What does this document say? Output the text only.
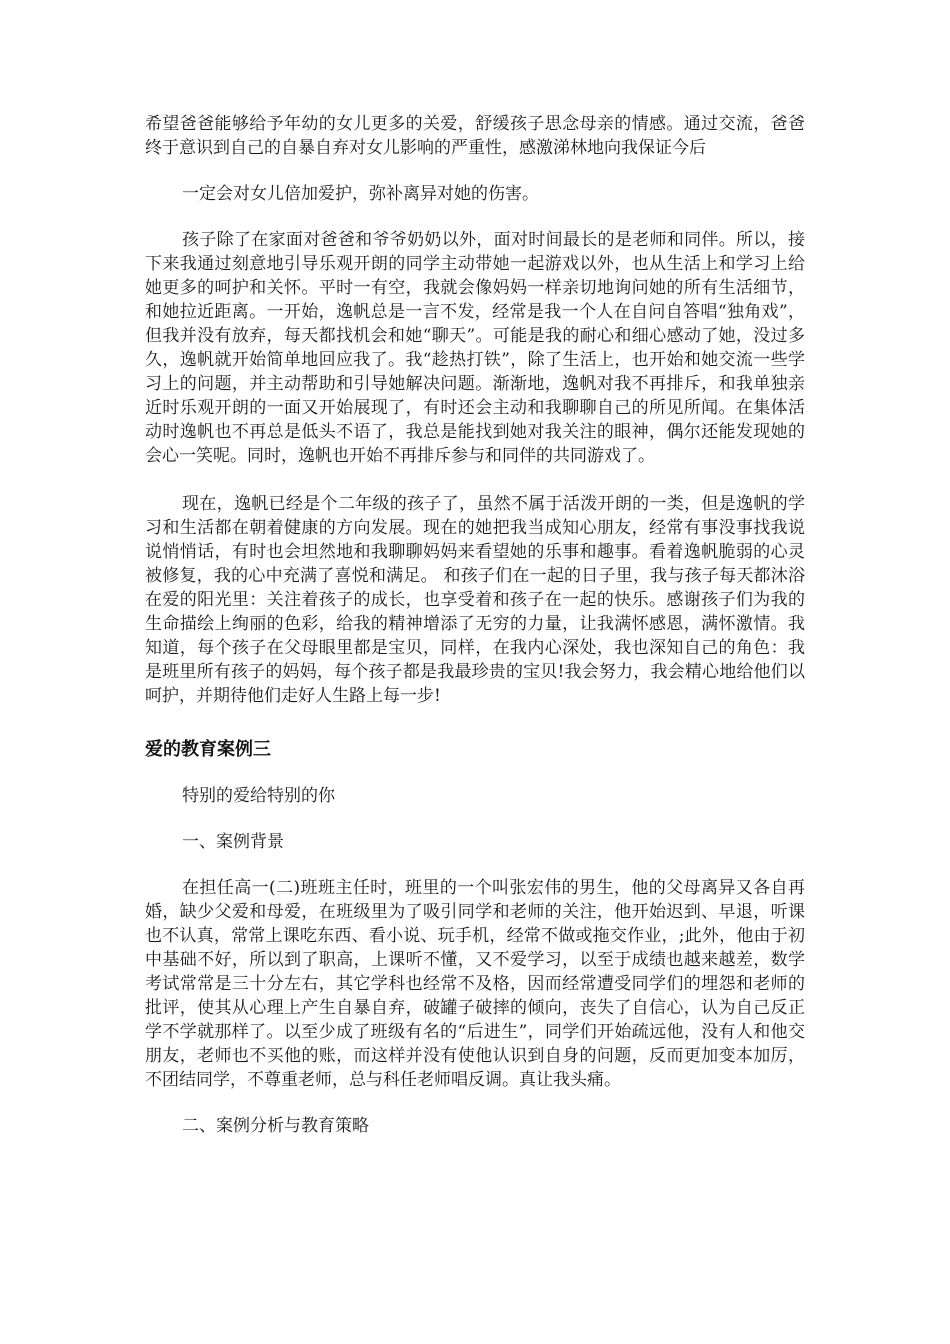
希望爸爸能够给予年幼的女儿更多的关爱，舒缓孩子思念母亲的情感。通过交流，爸爸终于意识到自己的自暴自弃对女儿影响的严重性，感激涕林地向我保证今后

一定会对女儿倍加爱护，弥补离异对她的伤害。

孩子除了在家面对爸爸和爷爷奶奶以外，面对时间最长的是老师和同伴。所以，接下来我通过刻意地引导乐观开朗的同学主动带她一起游戏以外，也从生活上和学习上给她更多的呵护和关怀。平时一有空，我就会像妈妈一样亲切地询问她的所有生活细节，和她拉近距离。一开始，逸帆总是一言不发，经常是我一个人在自问自答唱“独角戏”，但我并没有放弃，每天都找机会和她“聊天”。可能是我的耐心和细心感动了她，没过多久，逸帆就开始简单地回应我了。我“趁热打铁”，除了生活上，也开始和她交流一些学习上的问题，并主动帮助和引导她解决问题。渐渐地，逸帆对我不再排斥，和我单独亲近时乐观开朗的一面又开始展现了，有时还会主动和我聊聊自己的所见所闻。在集体活动时逸帆也不再总是低头不语了，我总是能找到她对我关注的眼神，偶尔还能发现她的会心一笑呢。同时，逸帆也开始不再排斥参与和同伴的共同游戏了。

现在，逸帆已经是个二年级的孩子了，虽然不属于活泼开朗的一类，但是逸帆的学习和生活都在朝着健康的方向发展。现在的她把我当成知心朋友，经常有事没事找我说说悄悄话，有时也会坦然地和我聊聊妈妈来看望她的乐事和趣事。看着逸帆脆弱的心灵被修复，我的心中充满了喜悦和满足。 和孩子们在一起的日子里，我与孩子每天都沐浴在爱的阳光里：关注着孩子的成长，也享受着和孩子在一起的快乐。感谢孩子们为我的生命描绘上绚丽的色彩，给我的精神增添了无穷的力量，让我满怀感恩，满怀激情。我知道，每个孩子在父母眼里都是宝贝，同样，在我内心深处，我也深知自己的角色：我是班里所有孩子的妈妈，每个孩子都是我最珍贵的宝贝!我会努力，我会精心地给他们以呵护，并期待他们走好人生路上每一步!

爱的教育案例三

特别的爱给特别的你

一、案例背景

在担任高一(二)班班主任时，班里的一个叫张宏伟的男生，他的父母离异又各自再婚，缺少父爱和母爱，在班级里为了吸引同学和老师的关注，他开始迟到、早退，听课也不认真，常常上课吃东西、看小说、玩手机，经常不做或拖交作业，;此外，他由于初中基础不好，所以到了职高，上课听不懂，又不爱学习，以至于成绩也越来越差，数学考试常常是三十分左右，其它学科也经常不及格，因而经常遭受同学们的埋怨和老师的批评，使其从心理上产生自暴自弃，破罐子破摔的倾向，丧失了自信心，认为自己反正学不学就那样了。以至少成了班级有名的“后进生”，同学们开始疏远他，没有人和他交朋友，老师也不买他的账，而这样并没有使他认识到自身的问题，反而更加变本加厉，不团结同学，不尊重老师，总与科任老师唱反调。真让我头痛。

二、案例分析与教育策略
